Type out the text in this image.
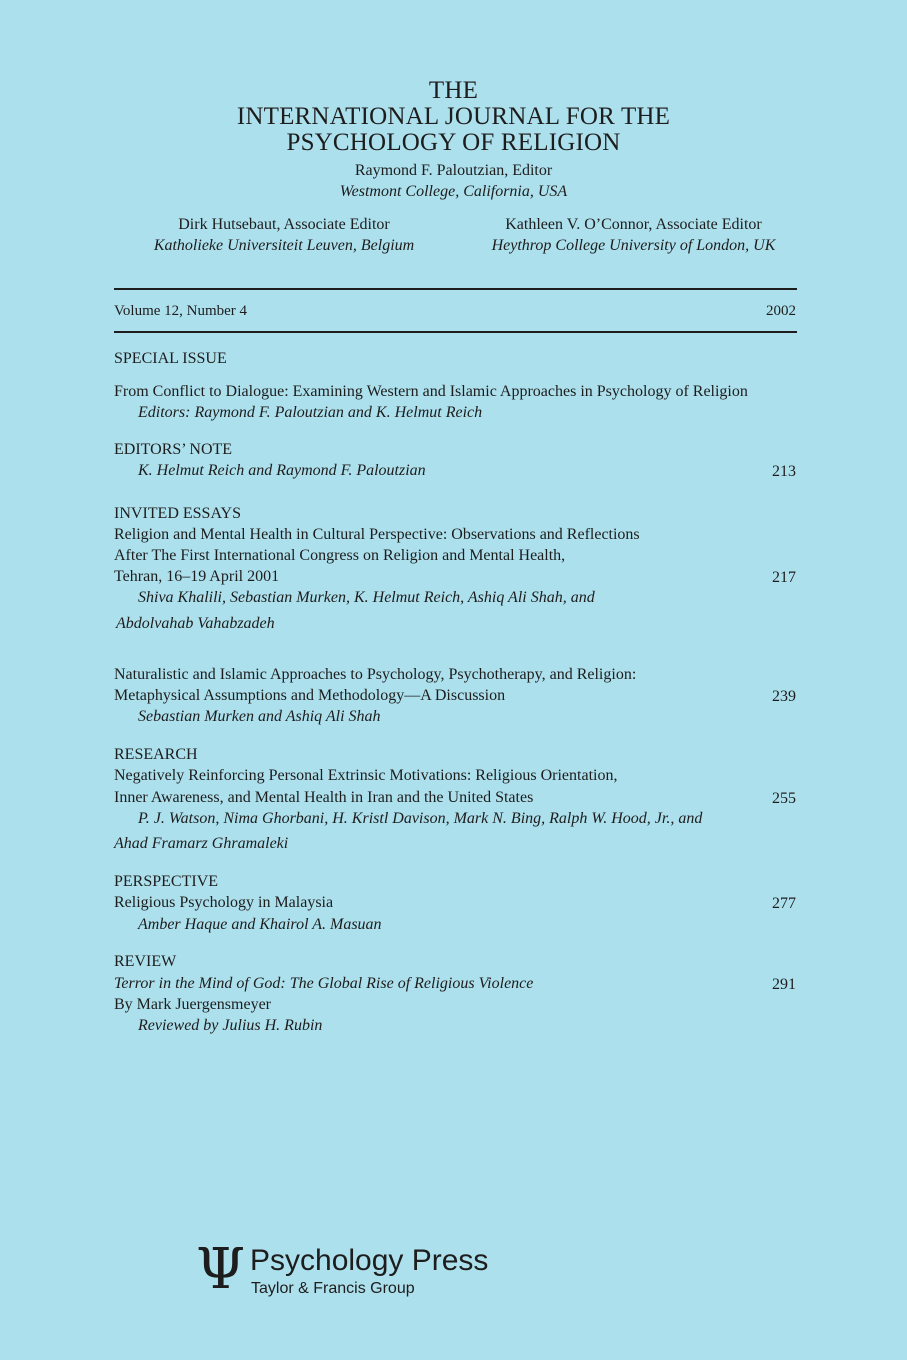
THE
INTERNATIONAL JOURNAL FOR THE
PSYCHOLOGY OF RELIGION
Raymond F. Paloutzian, Editor
Westmont College, California, USA
Dirk Hutsebaut, Associate Editor
Katholieke Universiteit Leuven, Belgium
Kathleen V. O’Connor, Associate Editor
Heythrop College University of London, UK
Volume 12, Number 4	2002
SPECIAL ISSUE
From Conflict to Dialogue: Examining Western and Islamic Approaches in Psychology of Religion
Editors: Raymond F. Paloutzian and K. Helmut Reich
EDITORS’ NOTE
K. Helmut Reich and Raymond F. Paloutzian	213
INVITED ESSAYS
Religion and Mental Health in Cultural Perspective: Observations and Reflections
After The First International Congress on Religion and Mental Health,
Tehran, 16–19 April 2001	217
Shiva Khalili, Sebastian Murken, K. Helmut Reich, Ashiq Ali Shah, and
Abdolvahab Vahabzadeh
Naturalistic and Islamic Approaches to Psychology, Psychotherapy, and Religion:
Metaphysical Assumptions and Methodology—A Discussion	239
Sebastian Murken and Ashiq Ali Shah
RESEARCH
Negatively Reinforcing Personal Extrinsic Motivations: Religious Orientation,
Inner Awareness, and Mental Health in Iran and the United States	255
P. J. Watson, Nima Ghorbani, H. Kristl Davison, Mark N. Bing, Ralph W. Hood, Jr., and
Ahad Framarz Ghramaleki
PERSPECTIVE
Religious Psychology in Malaysia	277
Amber Haque and Khairol A. Masuan
REVIEW
Terror in the Mind of God: The Global Rise of Religious Violence	291
By Mark Juergensmeyer
Reviewed by Julius H. Rubin
Ψ Psychology Press
Taylor & Francis Group
